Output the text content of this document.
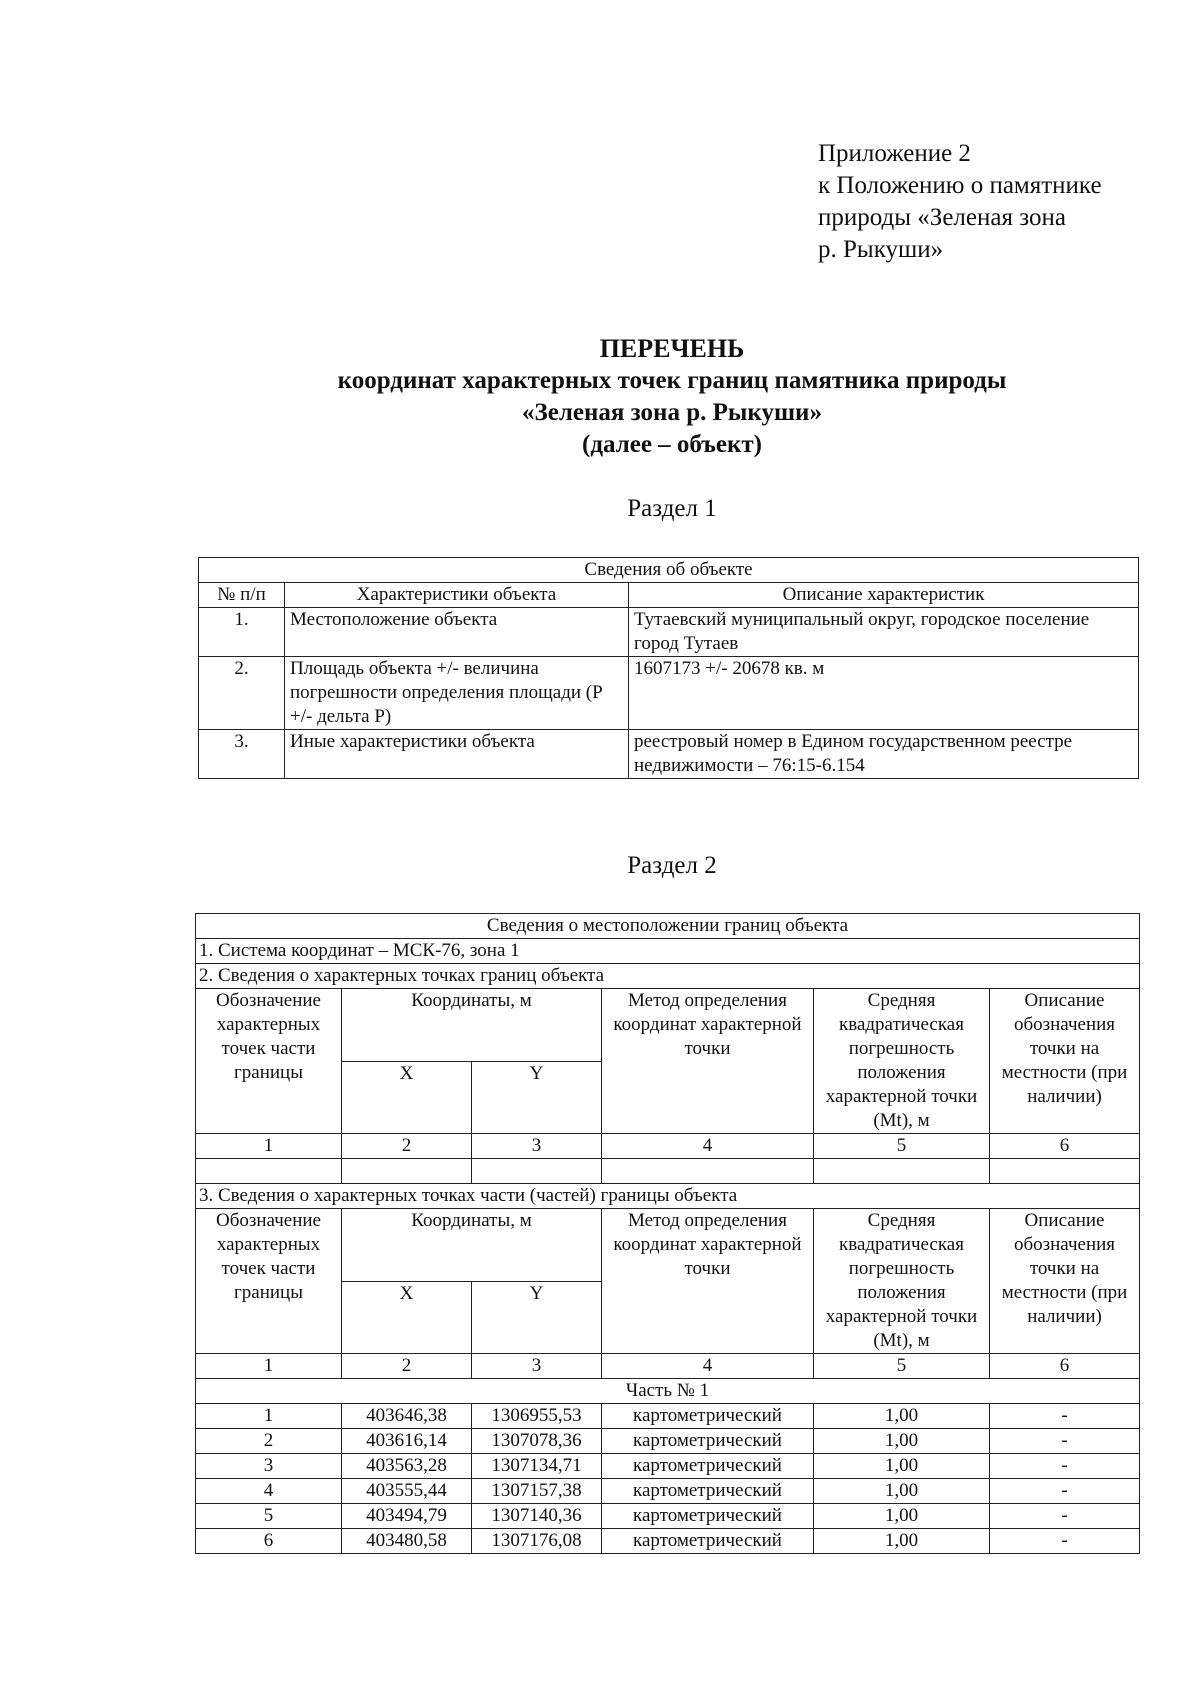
Приложение 2
к Положению о памятнике
природы «Зеленая зона
р. Рыкуши»
ПЕРЕЧЕНЬ
координат характерных точек границ памятника природы
«Зеленая зона р. Рыкуши»
(далее – объект)
Раздел 1
Сведения об объекте		
№ п/п	Характеристики объекта	Описание характеристик
1.	Местоположение объекта	Тутаевский муниципальный округ, городское поселение город Тутаев
2.	Площадь объекта +/- величина погрешности определения площади (Р +/- дельта Р)	1607173 +/- 20678 кв. м
3.	Иные характеристики объекта	реестровый номер в Едином государственном реестре недвижимости – 76:15-6.154
Раздел 2
Сведения о местоположении границ объекта					
1. Система координат – МСК-76, зона 1					
2. Сведения о характерных точках границ объекта					
Обозначение характерных точек части границы	Координаты, м		Метод определения координат характерной точки	Средняя квадратическая погрешность положения характерной точки (Mt), м	Описание обозначения точки на местности (при наличии)
	X	Y			
1	2	3	4	5	6

3. Сведения о характерных точках части (частей) границы объекта					
Обозначение характерных точек части границы	Координаты, м		Метод определения координат характерной точки	Средняя квадратическая погрешность положения характерной точки (Mt), м	Описание обозначения точки на местности (при наличии)
	X	Y			
1	2	3	4	5	6
Часть № 1					
1	403646,38	1306955,53	картометрический	1,00	-
2	403616,14	1307078,36	картометрический	1,00	-
3	403563,28	1307134,71	картометрический	1,00	-
4	403555,44	1307157,38	картометрический	1,00	-
5	403494,79	1307140,36	картометрический	1,00	-
6	403480,58	1307176,08	картометрический	1,00	-
